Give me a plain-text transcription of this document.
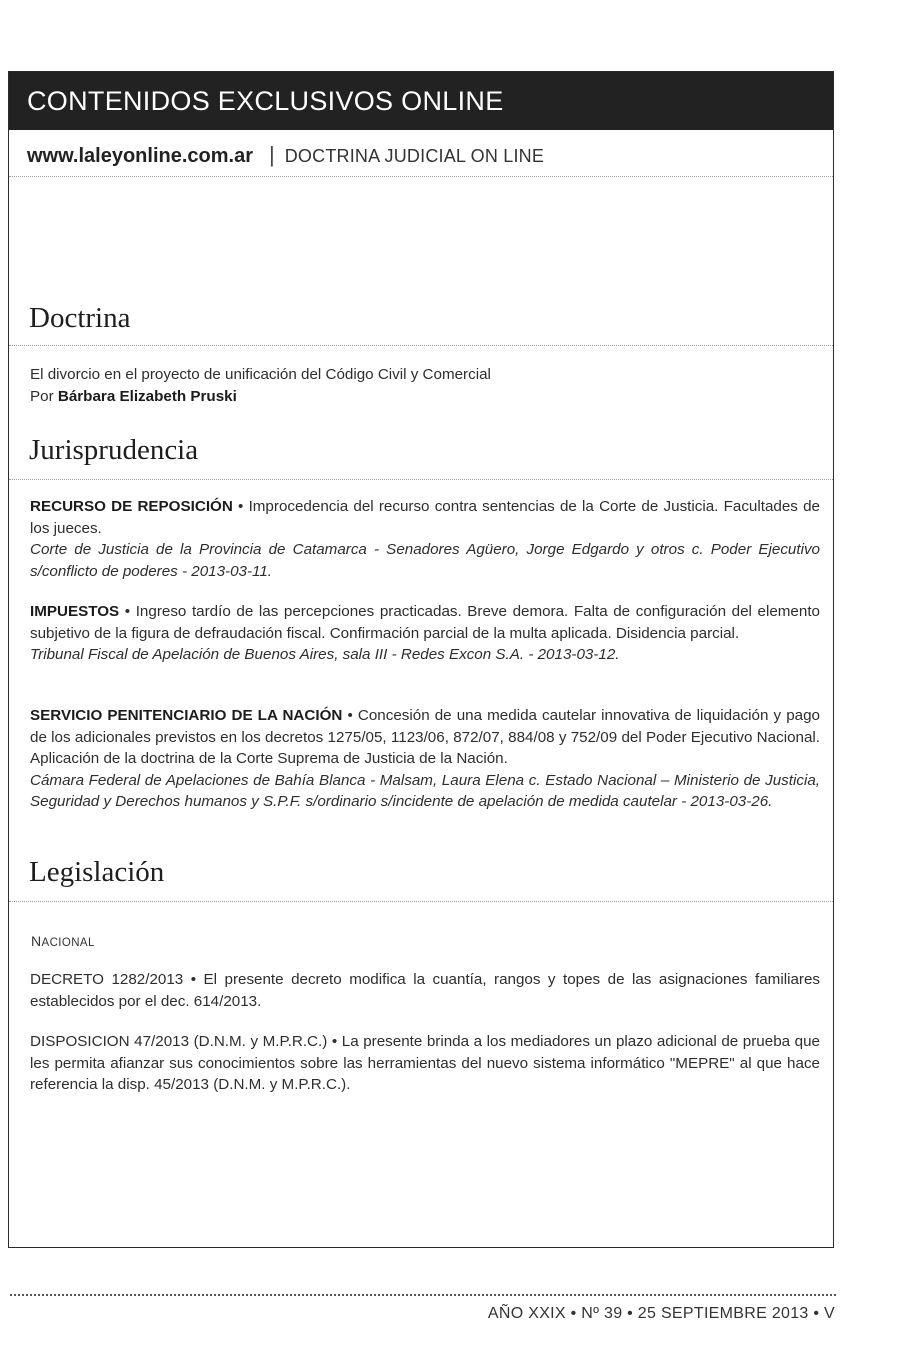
CONTENIDOS EXCLUSIVOS ONLINE
www.laleyonline.com.ar | DOCTRINA JUDICIAL ON LINE
Doctrina
El divorcio en el proyecto de unificación del Código Civil y Comercial
Por Bárbara Elizabeth Pruski
Jurisprudencia
RECURSO DE REPOSICIÓN • Improcedencia del recurso contra sentencias de la Corte de Justicia. Facultades de los jueces.
Corte de Justicia de la Provincia de Catamarca - Senadores Agüero, Jorge Edgardo y otros c. Poder Ejecutivo s/conflicto de poderes - 2013-03-11.
IMPUESTOS • Ingreso tardío de las percepciones practicadas. Breve demora. Falta de configuración del elemento subjetivo de la figura de defraudación fiscal. Confirmación parcial de la multa aplicada. Disidencia parcial.
Tribunal Fiscal de Apelación de Buenos Aires, sala III - Redes Excon S.A. - 2013-03-12.
SERVICIO PENITENCIARIO DE LA NACIÓN • Concesión de una medida cautelar innovativa de liquidación y pago de los adicionales previstos en los decretos 1275/05, 1123/06, 872/07, 884/08 y 752/09 del Poder Ejecutivo Nacional. Aplicación de la doctrina de la Corte Suprema de Justicia de la Nación.
Cámara Federal de Apelaciones de Bahía Blanca - Malsam, Laura Elena c. Estado Nacional – Ministerio de Justicia, Seguridad y Derechos humanos y S.P.F. s/ordinario s/incidente de apelación de medida cautelar - 2013-03-26.
Legislación
NACIONAL
DECRETO 1282/2013 • El presente decreto modifica la cuantía, rangos y topes de las asignaciones familiares establecidos por el dec. 614/2013.
DISPOSICION 47/2013 (D.N.M. y M.P.R.C.) • La presente brinda a los mediadores un plazo adicional de prueba que les permita afianzar sus conocimientos sobre las herramientas del nuevo sistema informático "MEPRE" al que hace referencia la disp. 45/2013 (D.N.M. y M.P.R.C.).
AÑO XXIX • Nº 39 • 25 SEPTIEMBRE 2013 • V
